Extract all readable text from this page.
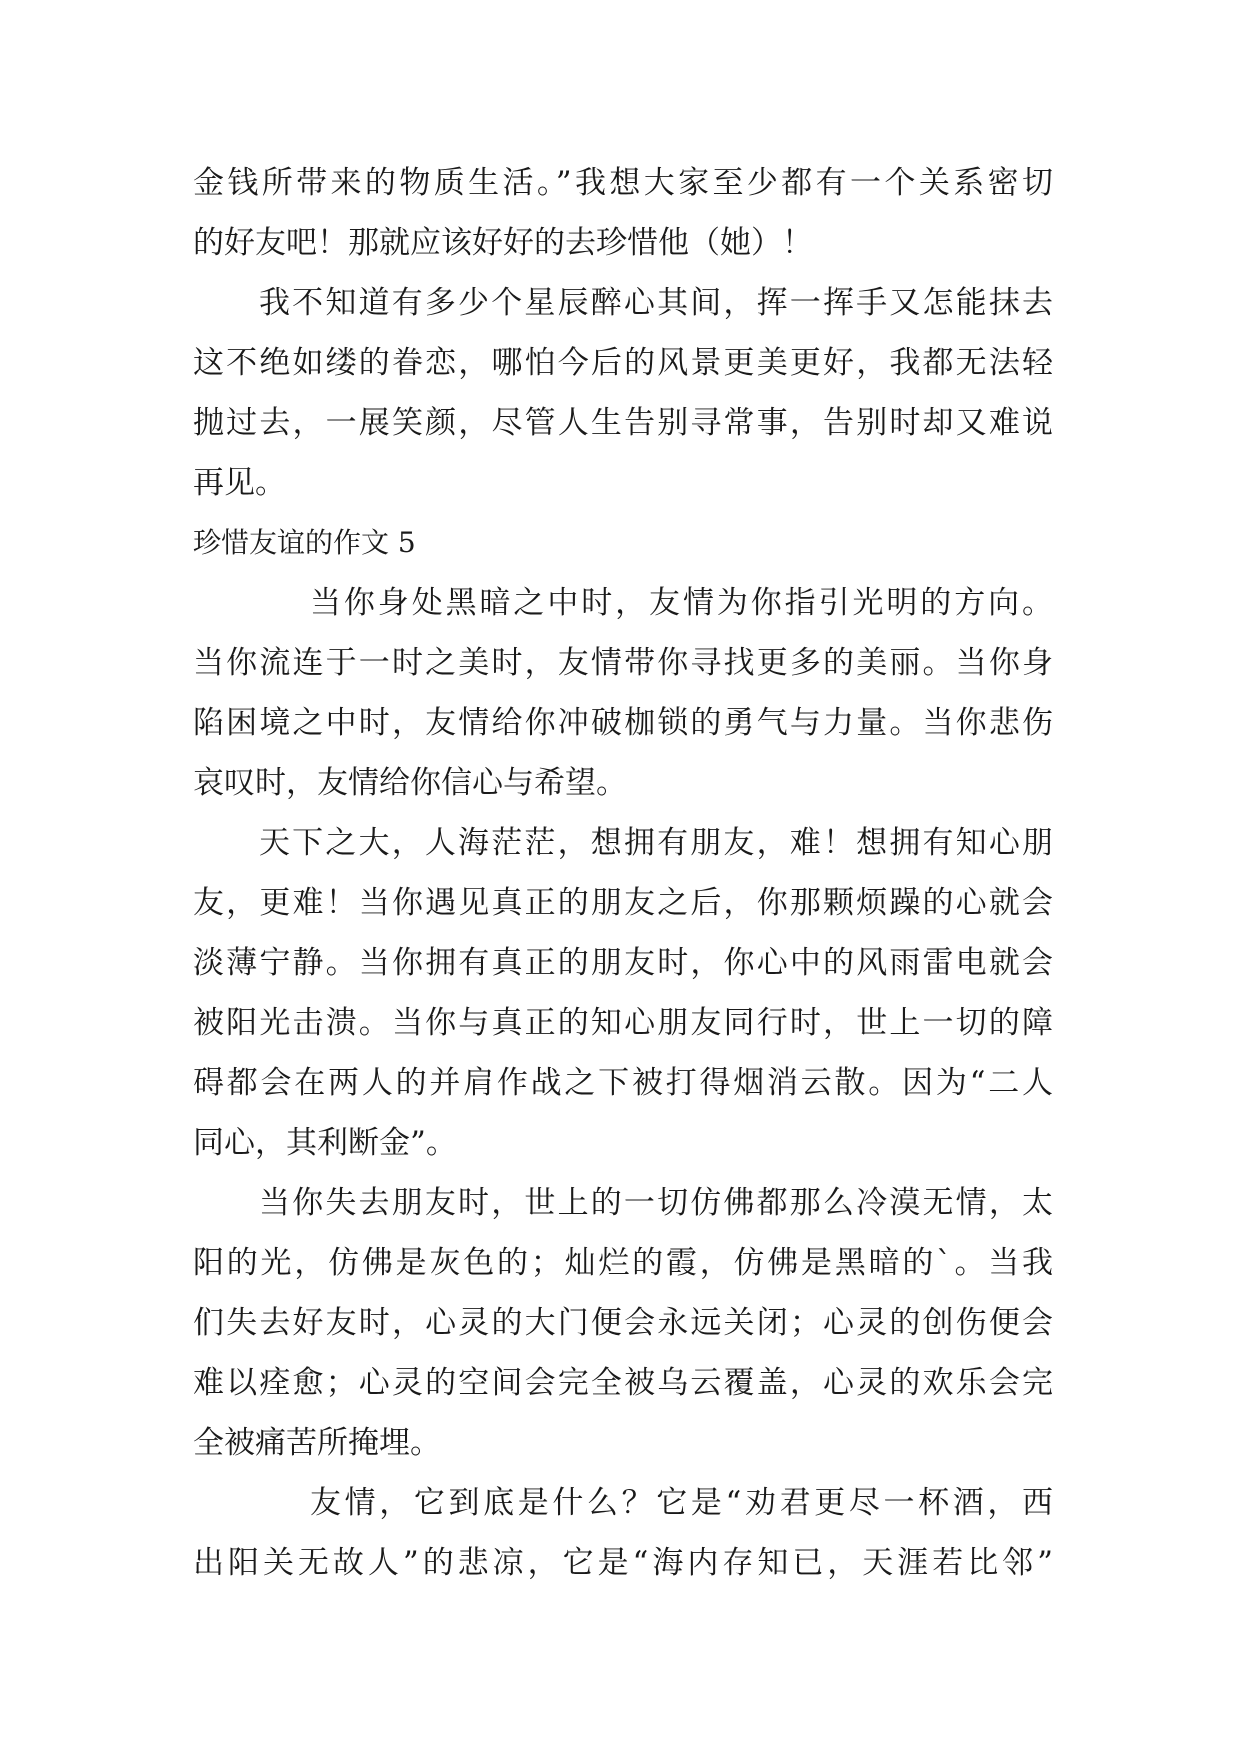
金钱所带来的物质生活。”我想大家至少都有一个关系密切
的好友吧！那就应该好好的去珍惜他（她）！
我不知道有多少个星辰醉心其间，挥一挥手又怎能抹去
这不绝如缕的眷恋，哪怕今后的风景更美更好，我都无法轻
抛过去，一展笑颜，尽管人生告别寻常事，告别时却又难说
再见。
珍惜友谊的作文 5
当你身处黑暗之中时，友情为你指引光明的方向。
当你流连于一时之美时，友情带你寻找更多的美丽。当你身
陷困境之中时，友情给你冲破枷锁的勇气与力量。当你悲伤
哀叹时，友情给你信心与希望。
天下之大，人海茫茫，想拥有朋友，难！想拥有知心朋
友，更难！当你遇见真正的朋友之后，你那颗烦躁的心就会
淡薄宁静。当你拥有真正的朋友时，你心中的风雨雷电就会
被阳光击溃。当你与真正的知心朋友同行时，世上一切的障
碍都会在两人的并肩作战之下被打得烟消云散。因为“二人
同心，其利断金”。
当你失去朋友时，世上的一切仿佛都那么冷漠无情，太
阳的光，仿佛是灰色的；灿烂的霞，仿佛是黑暗的`。当我
们失去好友时，心灵的大门便会永远关闭；心灵的创伤便会
难以痊愈；心灵的空间会完全被乌云覆盖，心灵的欢乐会完
全被痛苦所掩埋。
友情，它到底是什么？它是“劝君更尽一杯酒，西
出阳关无故人”的悲凉，它是“海内存知已，天涯若比邻”
